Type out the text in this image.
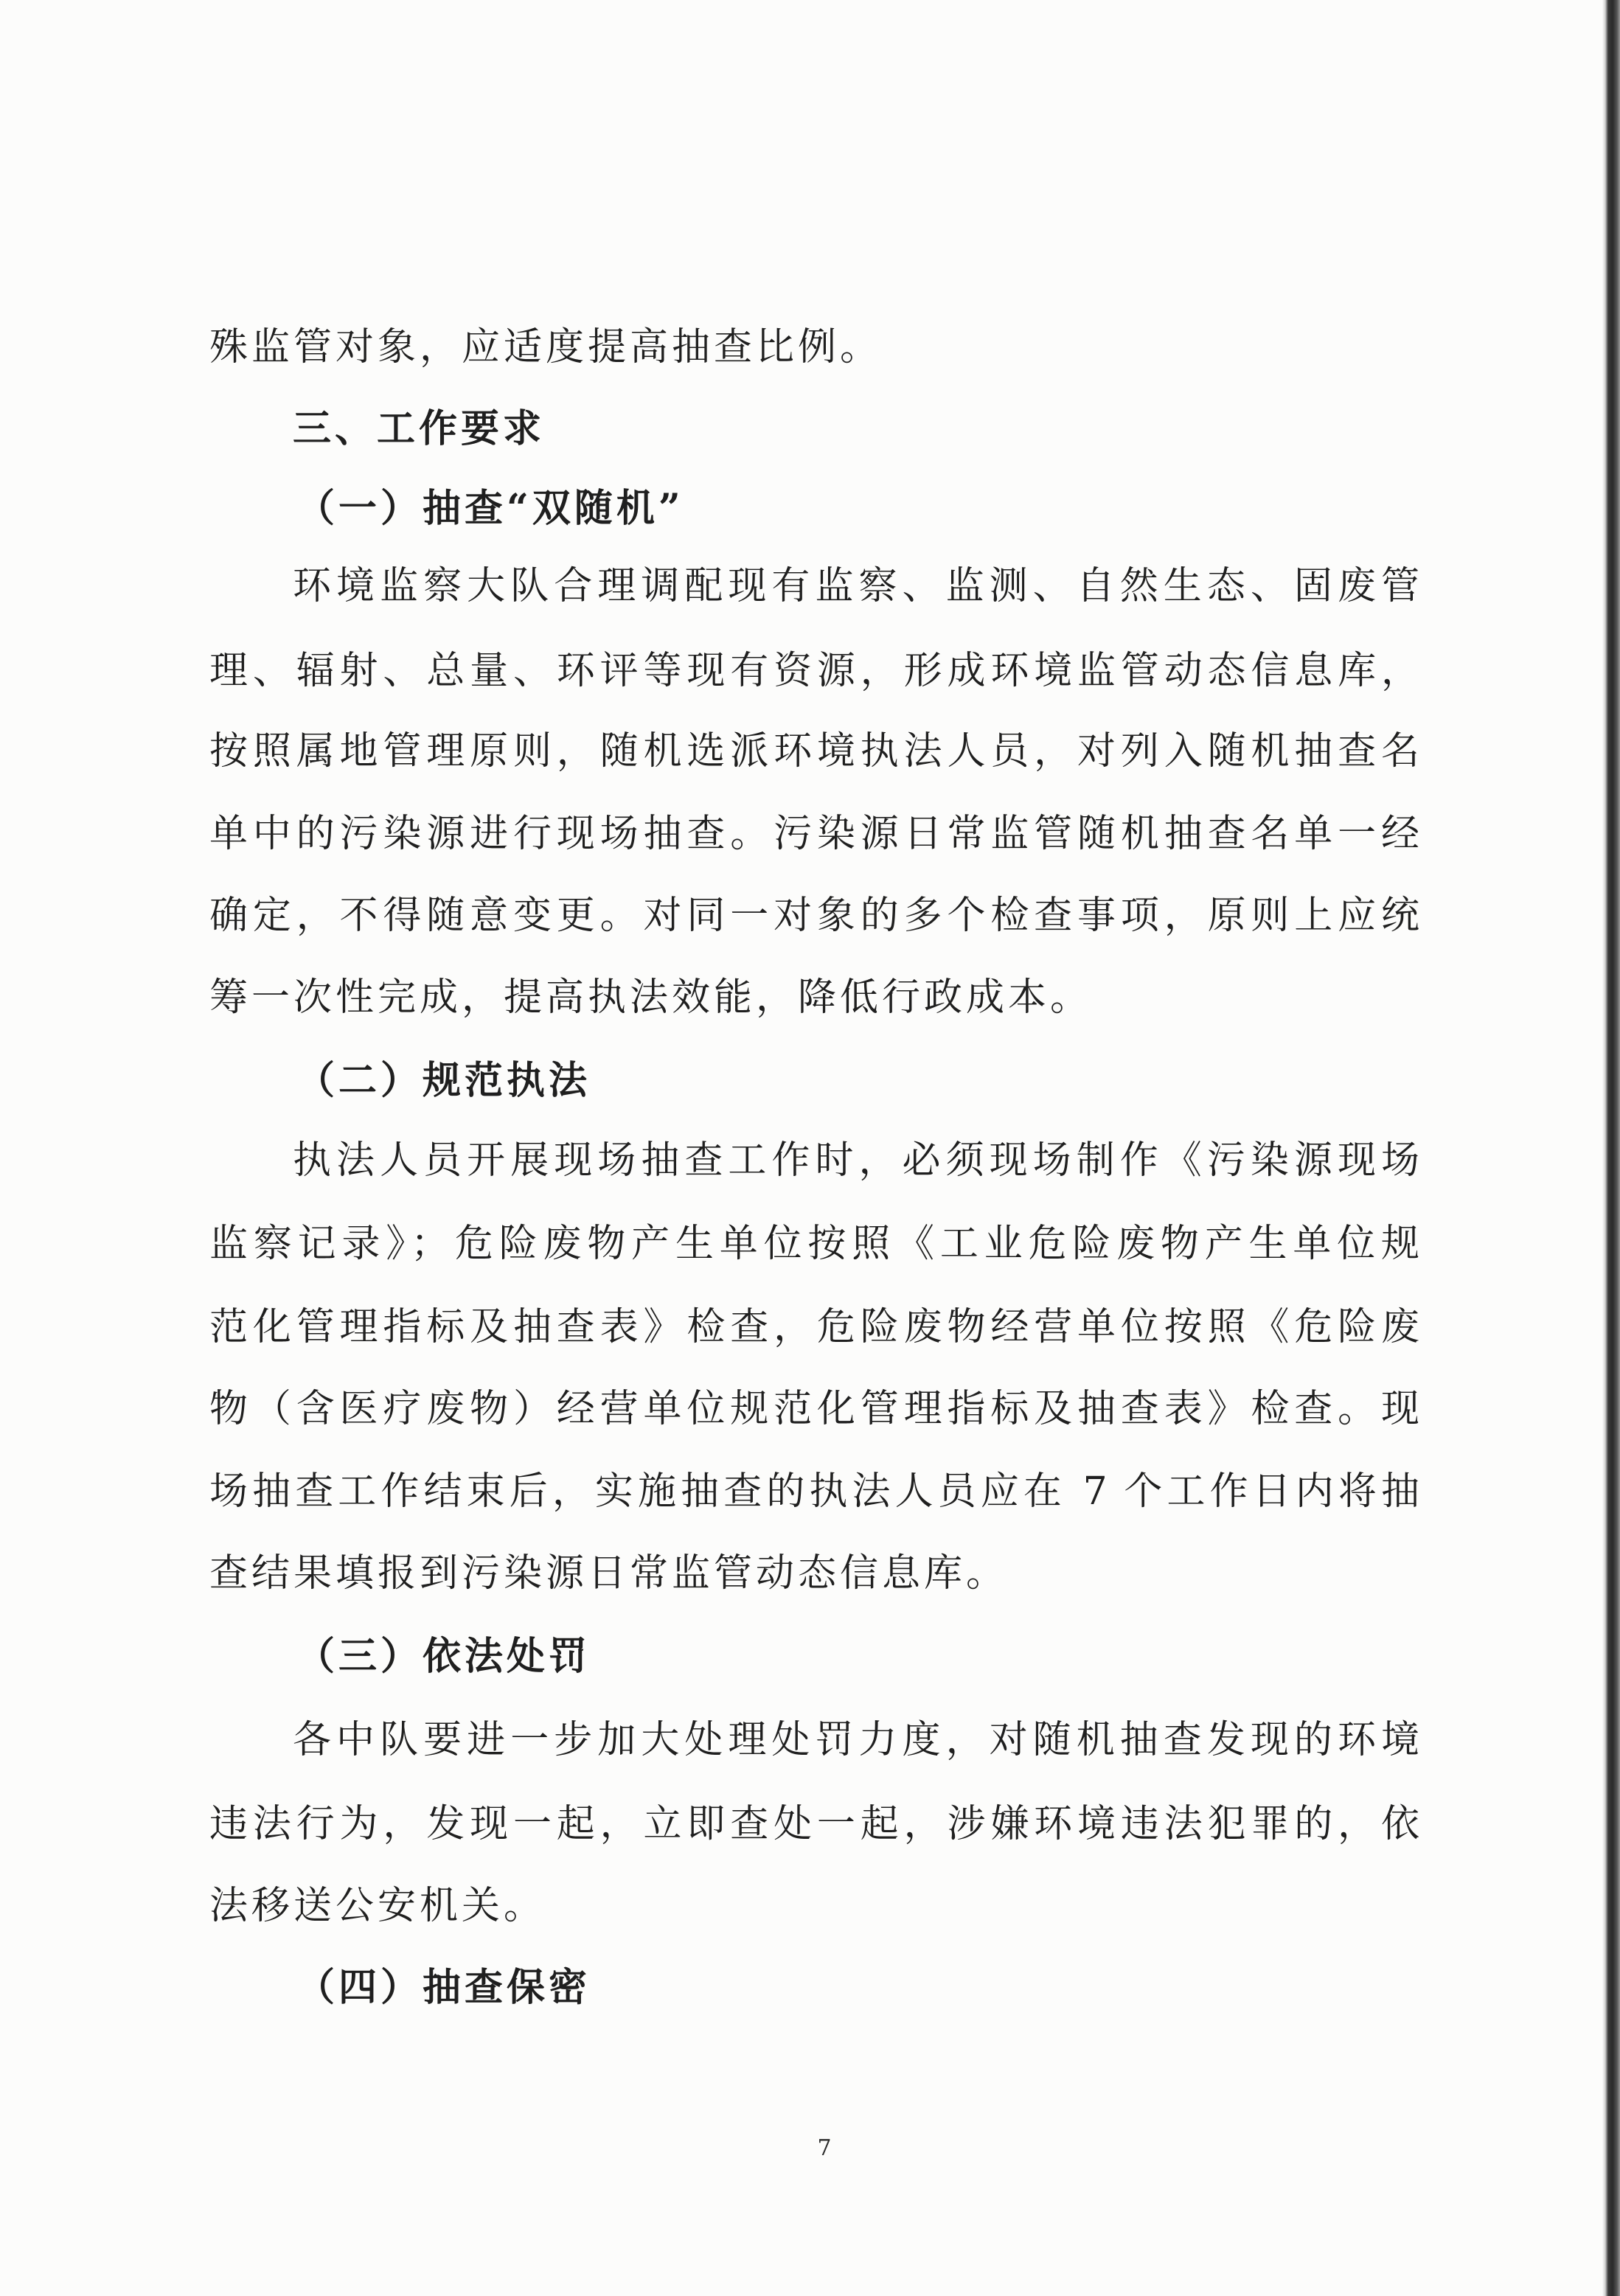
殊监管对象，应适度提高抽查比例。
三、工作要求
（一）抽查“双随机”
环境监察大队合理调配现有监察、监测、自然生态、固废管
理、辐射、总量、环评等现有资源，形成环境监管动态信息库，
按照属地管理原则，随机选派环境执法人员，对列入随机抽查名
单中的污染源进行现场抽查。污染源日常监管随机抽查名单一经
确定，不得随意变更。对同一对象的多个检查事项，原则上应统
筹一次性完成，提高执法效能，降低行政成本。
（二）规范执法
执法人员开展现场抽查工作时，必须现场制作《污染源现场
监察记录》；危险废物产生单位按照《工业危险废物产生单位规
范化管理指标及抽查表》检查，危险废物经营单位按照《危险废
物（含医疗废物）经营单位规范化管理指标及抽查表》检查。现
场抽查工作结束后，实施抽查的执法人员应在 7 个工作日内将抽
查结果填报到污染源日常监管动态信息库。
（三）依法处罚
各中队要进一步加大处理处罚力度，对随机抽查发现的环境
违法行为，发现一起，立即查处一起，涉嫌环境违法犯罪的，依
法移送公安机关。
（四）抽查保密
7
